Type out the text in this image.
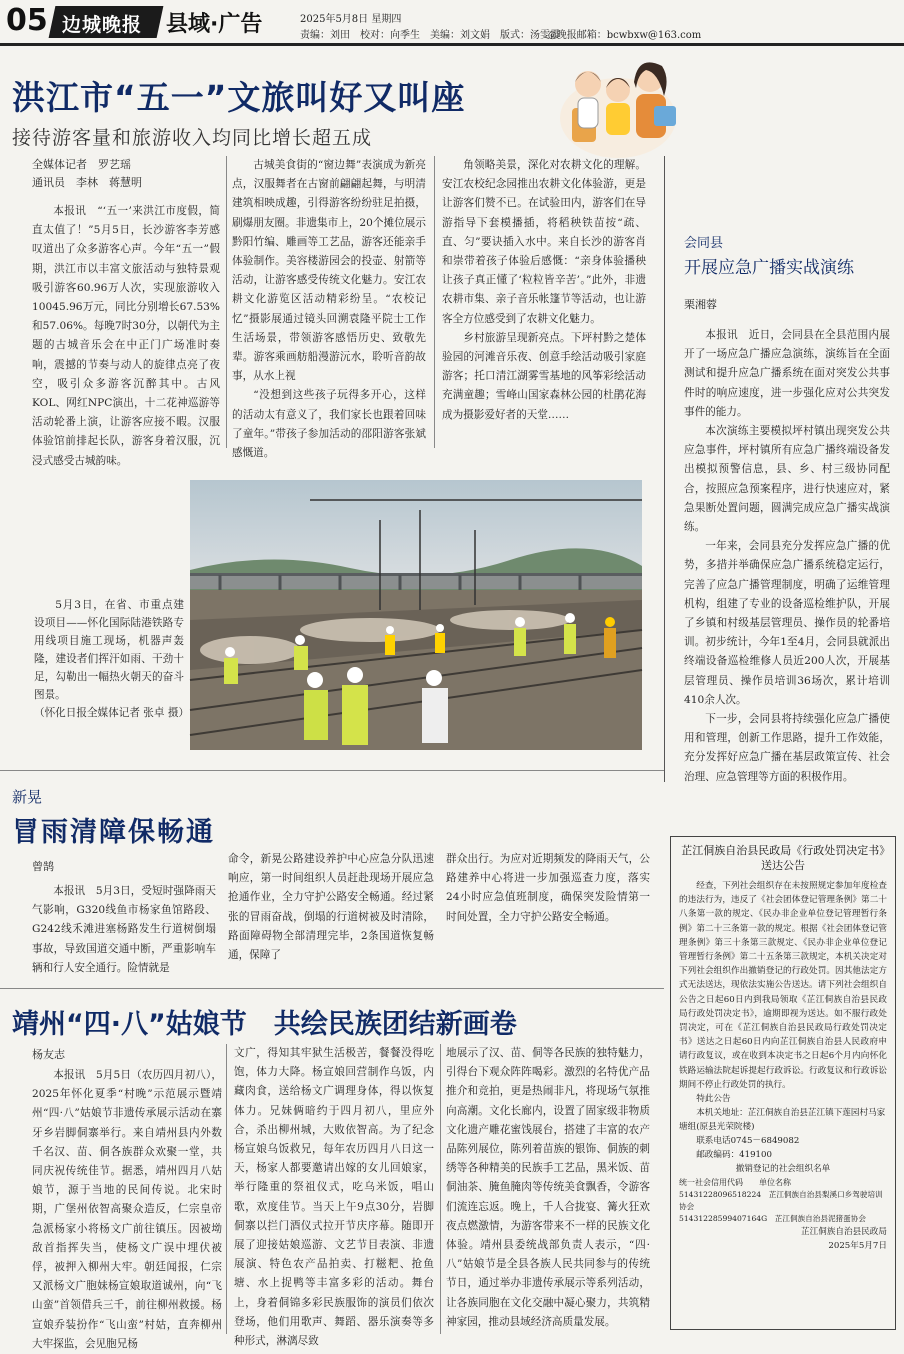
05 边城晚报 县域·广告	2025年5月8日 星期四
责编：刘田　校对：向季生　美编：刘文娟　版式：汤雯霞
◎晚报邮箱：bcwbxw@163.com
洪江市“五一”文旅叫好又叫座
接待游客量和旅游收入均同比增长超五成
全媒体记者　罗艺瑶
通讯员　李林　蒋慧明

本报讯　“‘五一’来洪江市度假，简直太值了！”5月5日，长沙游客李芳感叹道出了众多游客心声。今年“五一”假期，洪江市以丰富文旅活动与独特景观吸引游客60.96万人次，实现旅游收入10045.96万元，同比分别增长67.53%和57.06%。每晚7时30分，以朝代为主题的古城音乐会在中正门广场准时奏响，震撼的节奏与动人的旋律点亮了夜空，吸引众多游客沉醉其中。古风KOL、网红NPC演出，十二花神巡游等活动轮番上演，让游客应接不暇。汉服体验馆前排起长队，游客身着汉服，沉浸式感受古城韵味。

古城美食街的“窗边舞”表演成为新亮点，汉服舞者在古窗前翩翩起舞，与明清建筑相映成趣，引得游客纷纷驻足拍摄，刷爆朋友圈。非遗集市上，20个摊位展示黔阳竹编、雕画等工艺品，游客还能亲手体验制作。美容楼游园会的投壶、射箭等活动，让游客感受传统文化魅力。安江农耕文化游览区活动精彩纷呈。“农校记忆”摄影展通过镜头回溯袁隆平院士工作生活场景，带领游客感悟历史、致敬先辈。游客乘画舫船漫游沅水，聆听音韵故事，从水上视

“没想到这些孩子玩得多开心，这样的活动太有意义了，我们家长也跟着回味了童年。”带孩子参加活动的邵阳游客张斌感慨道。

角领略美景，深化对农耕文化的理解。安江农校纪念园推出农耕文化体验游，更是让游客们赞不已。在试验田内，游客们在导游指导下套模播插，将稻秧铁苗按“疏、直、匀”要诀插入水中。来自长沙的游客肖和崇带着孩子体验后感慨：“亲身体验播秧让孩子真正懂了‘粒粒皆辛苦’。”此外，非遗农耕市集、亲子音乐帐篷节等活动，也让游客全方位感受到了农耕文化魅力。

乡村旅游呈现新亮点。下坪村黔之楚体验园的河滩音乐夜、创意手绘活动吸引家庭游客；托口清江湖雾雪基地的风筝彩绘活动充满童趣；雪峰山国家森林公园的杜鹃花海成为摄影爱好者的天堂……

5月3日，在省、市重点建设项目——怀化国际陆港铁路专用线项目施工现场，机器声轰隆，建设者们挥汗如雨、干劲十足，勾勒出一幅热火朝天的奋斗图景。

（怀化日报全媒体记者 张卓 摄）

会同县
开展应急广播实战演练
栗湘蓉

本报讯　近日，会同县在全县范围内展开了一场应急广播应急演练，演练旨在全面测试和提升应急广播系统在面对突发公共事件时的响应速度，进一步强化应对公共突发事件的能力。

本次演练主要模拟坪村镇出现突发公共应急事件，坪村镇所有应急广播终端设备发出模拟预警信息，县、乡、村三级协同配合，按照应急预案程序，进行快速应对，紧急果断处置问题，圆满完成应急广播实战演练。

一年来，会同县充分发挥应急广播的优势，多措并举确保应急广播系统稳定运行，完善了应急广播管理制度，明确了运维管理机构，组建了专业的设备巡检维护队，开展了乡镇和村级基层管理员、操作员的轮番培训。初步统计，今年1至4月，会同县就派出终端设备巡检维修人员近200人次，开展基层管理员、操作员培训36场次，累计培训410余人次。

下一步，会同县将持续强化应急广播使用和管理，创新工作思路，提升工作效能，充分发挥好应急广播在基层政策宣传、社会治理、应急管理等方面的积极作用。

新晃
冒雨清障保畅通
曾鹄

本报讯　5月3日，受短时强降雨天气影响，G320线鱼市杨家鱼馆路段、G242线禾滩进塞杨路发生行道树倒塌事故，导致国道交通中断，严重影响车辆和行人安全通行。险情就是

命令，新晃公路建设养护中心应急分队迅速响应，第一时间组织人员赶赴现场开展应急抢通作业，全力守护公路安全畅通。经过紧张的冒雨奋战，倒塌的行道树被及时清除，路面障碍物全部清理完毕，2条国道恢复畅通，保障了

群众出行。为应对近期频发的降雨天气，公路建养中心将进一步加强巡查力度，落实24小时应急值班制度，确保突发险情第一时间处置，全力守护公路安全畅通。

靖州“四·八”姑娘节　共绘民族团结新画卷
杨友志

本报讯　5月5日（农历四月初八），2025年怀化夏季“村晚”示范展示暨靖州“四·八”姑娘节非遗传承展示活动在寨牙乡岩脚侗寨举行。来自靖州县内外数千名汉、苗、侗各族群众欢聚一堂，共同庆祝传统佳节。据悉，靖州四月八姑娘节，源于当地的民间传说。北宋时期，广堡州依智高聚众造反，仁宗皇帝急派杨家小将杨文广前往镇压。因被坳敌首指挥失当，使杨文广误中埋伏被俘，被押入柳州大牢。朝廷闻报，仁宗又派杨文广胞妹杨宣娘取道诚州，向“飞山蛮”首领借兵三千，前往柳州救援。杨宣娘乔装扮作“飞山蛮”村姑，直奔柳州大牢探监，会见胞兄杨

文广，得知其牢狱生活极苦，餐餐没得吃饱，体力大降。杨宣娘回营制作乌饭，内藏肉食，送给杨文广调理身体，得以恢复体力。兄妹俩暗约于四月初八，里应外合，杀出柳州城，大败依智高。为了纪念杨宣娘乌饭救兄，每年农历四月八日这一天，杨家人都要邀请出嫁的女儿回娘家，举行隆重的祭祖仪式，吃乌米饭，唱山歌，欢度佳节。当天上午9点30分，岩脚侗寨以拦门酒仪式拉开节庆序幕。随即开展了迎接姑娘巡游、文艺节目表演、非遗展演、特色农产品拍卖、打糍粑、抢鱼塘、水上捉鸭等丰富多彩的活动。舞台上，身着侗锦多彩民族服饰的演员们依次登场，他们用歌声、舞蹈、器乐演奏等多种形式，淋漓尽致

地展示了汉、苗、侗等各民族的独特魅力，引得台下观众阵阵喝彩。激烈的名特优产品推介和竞拍，更是热闹非凡，将现场气氛推向高潮。文化长廊内，设置了固家级非物质文化遗产雕花蜜饯展台，搭建了丰富的农产品陈列展位，陈列着苗族的银饰、侗族的刺绣等各种精美的民族手工艺品，黑米饭、苗侗油茶、腌鱼腌肉等传统美食飘香，令游客们流连忘返。晚上，千人合拢宴、篝火狂欢夜点燃激情，为游客带来不一样的民族文化体验。靖州县委统战部负责人表示，“四·八”姑娘节是全县各族人民共同参与的传统节日，通过举办非遗传承展示等系列活动，让各族同胞在文化交融中凝心聚力，共筑精神家园，推动县域经济高质量发展。

芷江侗族自治县民政局《行政处罚决定书》送达公告

经查，下列社会组织存在未按照规定参加年度检查的违法行为，违反了《社会团体登记管理条例》第二十八条第一款的规定、《民办非企业单位登记管理暂行条例》第二十三条第一款的规定。根据《社会团体登记管理条例》第三十条第三款规定、《民办非企业单位登记管理暂行条例》第二十五条第三款规定，本机关决定对下列社会组织作出撤销登记的行政处罚。因其他法定方式无法送达，现依法实施公告送达。请下列社会组织自公告之日起60日内到我局领取《芷江侗族自治县民政局行政处罚决定书》，逾期即视为送达。如不服行政处罚决定，可在《芷江侗族自治县民政局行政处罚决定书》送达之日起60日内向芷江侗族自治县人民政府申请行政复议，或在收到本决定书之日起6个月内向怀化铁路运输法院起诉提起行政诉讼。行政复议和行政诉讼期间不停止行政处罚的执行。

特此公告

本机关地址：芷江侗族自治县芷江镇下莲园村马家塘组(原县光荣院楼)

联系电话0745－6849082

邮政编码：419100

撤销登记的社会组织名单

统一社会信用代码　　单位名称

51431228096518224　芷江侗族自治县梨溪口乡驾驶培训协会

51431228599407164G　芷江侗族自治县泥猪蛋协会

芷江侗族自治县民政局

2025年5月7日
